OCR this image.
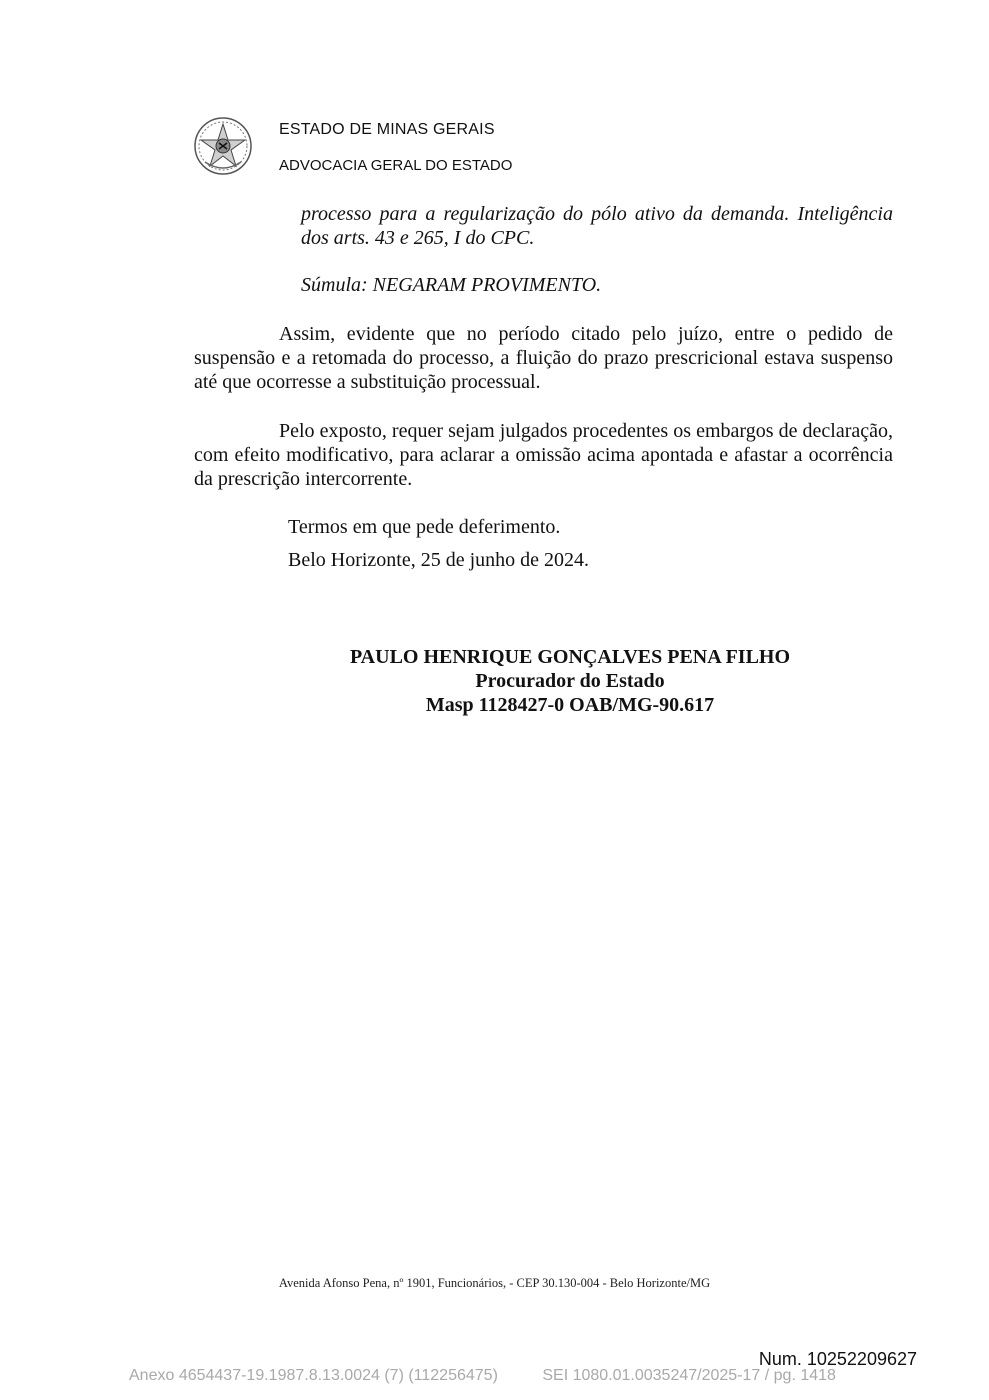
ESTADO DE MINAS GERAIS
ADVOCACIA GERAL DO ESTADO
processo para a regularização do pólo ativo da demanda. Inteligência
dos arts. 43 e 265, I do CPC.
Súmula: NEGARAM PROVIMENTO.
Assim, evidente que no período citado pelo juízo, entre o pedido de suspensão e a retomada do processo, a fluição do prazo prescricional estava suspenso até que ocorresse a substituição processual.
Pelo exposto, requer sejam julgados procedentes os embargos de declaração, com efeito modificativo, para aclarar a omissão acima apontada e afastar a ocorrência da prescrição intercorrente.
Termos em que pede deferimento.
Belo Horizonte, 25 de junho de 2024.
PAULO HENRIQUE GONÇALVES PENA FILHO
Procurador do Estado
Masp 1128427-0 OAB/MG-90.617
Avenida Afonso Pena, nº 1901, Funcionários, - CEP 30.130-004 - Belo Horizonte/MG
Num. 10252209627
Anexo 4654437-19.1987.8.13.0024 (7) (112256475)	SEI 1080.01.0035247/2025-17 / pg. 1418
